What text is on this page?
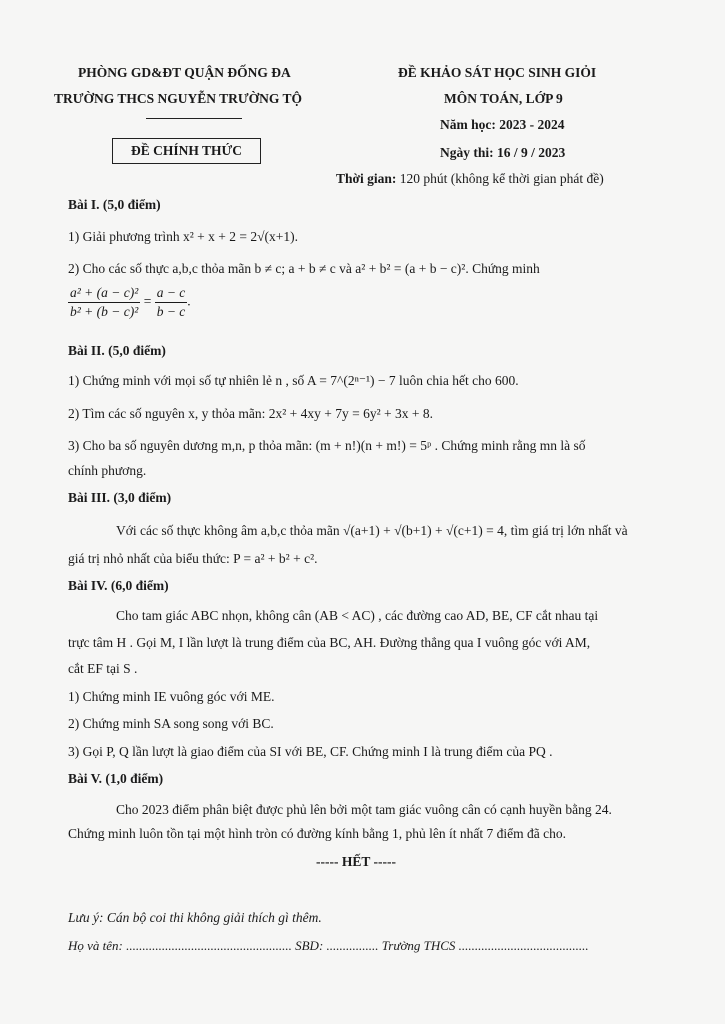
PHÒNG GD&ĐT QUẬN ĐỐNG ĐA
TRƯỜNG THCS NGUYỄN TRƯỜNG TỘ
ĐỀ CHÍNH THỨC
ĐỀ KHẢO SÁT HỌC SINH GIỎI
MÔN TOÁN, LỚP 9
Năm học: 2023 - 2024
Ngày thi: 16 / 9 / 2023
Thời gian: 120 phút (không kể thời gian phát đề)
Bài I. (5,0 điểm)
1) Giải phương trình x² + x + 2 = 2√(x+1).
2) Cho các số thực a,b,c thỏa mãn b ≠ c; a + b ≠ c và a² + b² = (a + b − c)². Chứng minh
$\frac{\text{a² + (a − c)²}}{\text{b² + (b − c)²}} = \frac{a - c}{b - c}$ .
Bài II. (5,0 điểm)
1) Chứng minh với mọi số tự nhiên lẻ n , số A = 7^(2ⁿ⁻¹) − 7 luôn chia hết cho 600.
2) Tìm các số nguyên x, y thỏa mãn: 2x² + 4xy + 7y = 6y² + 3x + 8.
3) Cho ba số nguyên dương m,n, p thỏa mãn: (m + n!)(n + m!) = 5ᵖ . Chứng minh rằng mn là số
chính phương.
Bài III. (3,0 điểm)
Với các số thực không âm a,b,c thỏa mãn √(a+1) + √(b+1) + √(c+1) = 4, tìm giá trị lớn nhất và
giá trị nhỏ nhất của biểu thức: P = a² + b² + c².
Bài IV. (6,0 điểm)
Cho tam giác ABC nhọn, không cân (AB < AC) , các đường cao AD, BE, CF cắt nhau tại
trực tâm H . Gọi M, I lần lượt là trung điểm của BC, AH. Đường thẳng qua I vuông góc với AM,
cắt EF tại S .
1) Chứng minh IE vuông góc với ME.
2) Chứng minh SA song song với BC.
3) Gọi P, Q lần lượt là giao điểm của SI với BE, CF. Chứng minh I là trung điểm của PQ .
Bài V. (1,0 điểm)
Cho 2023 điểm phân biệt được phủ lên bởi một tam giác vuông cân có cạnh huyền bằng 24.
Chứng minh luôn tồn tại một hình tròn có đường kính bằng 1, phủ lên ít nhất 7 điểm đã cho.
----- HẾT -----
Lưu ý: Cán bộ coi thi không giải thích gì thêm.
Họ và tên: ................................................... SBD: ................ Trường THCS ........................................
